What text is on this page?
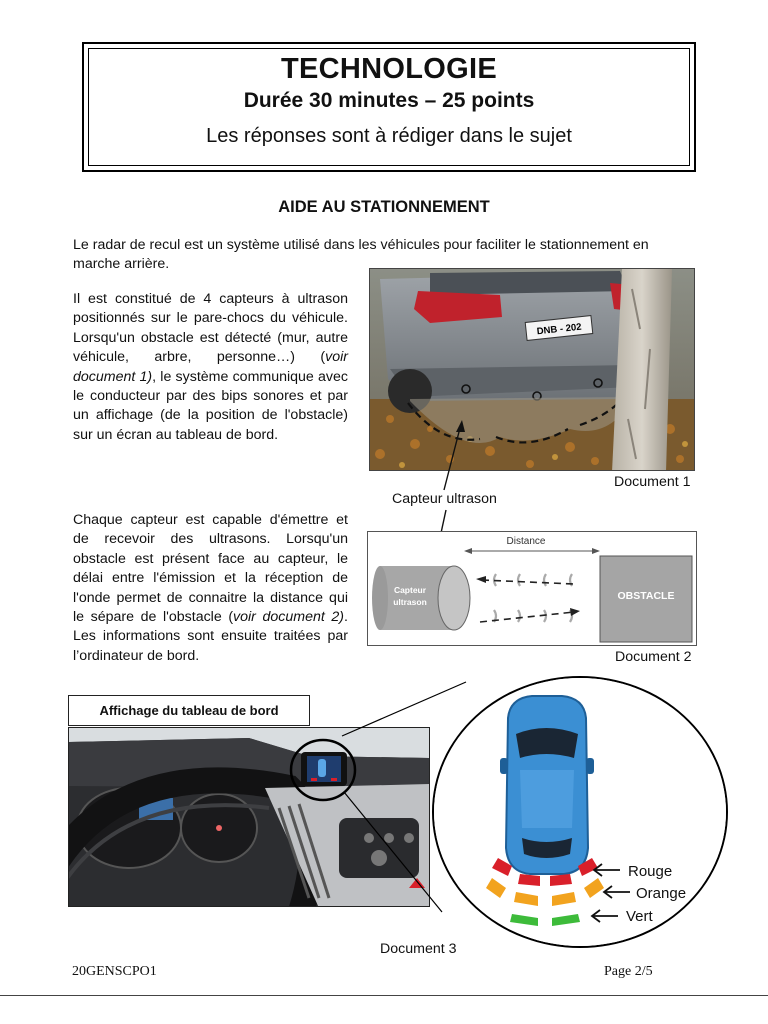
TECHNOLOGIE
Durée 30 minutes – 25 points
Les réponses sont à rédiger dans le sujet
AIDE AU STATIONNEMENT
Le radar de recul est un système utilisé dans les véhicules pour faciliter le stationnement en marche arrière.
Il est constitué de 4 capteurs à ultrason positionnés sur le pare-chocs du véhicule. Lorsqu'un obstacle est détecté (mur, autre véhicule, arbre, personne…) (voir document 1), le système communique avec le conducteur par des bips sonores et par un affichage (de la position de l'obstacle) sur un écran au tableau de bord.
Chaque capteur est capable d'émettre et de recevoir des ultrasons. Lorsqu'un obstacle est présent face au capteur, le délai entre l'émission et la réception de l'onde permet de connaitre la distance qui le sépare de l'obstacle (voir document 2). Les informations sont ensuite traitées par l’ordinateur de bord.
DNB - 202
Capteur ultrason
Document 1
Distance
Capteur
ultrason	OBSTACLE
Document 2
Affichage du tableau de bord
Rouge
Orange
Vert
Document 3
20GENSCPO1	Page 2/5
